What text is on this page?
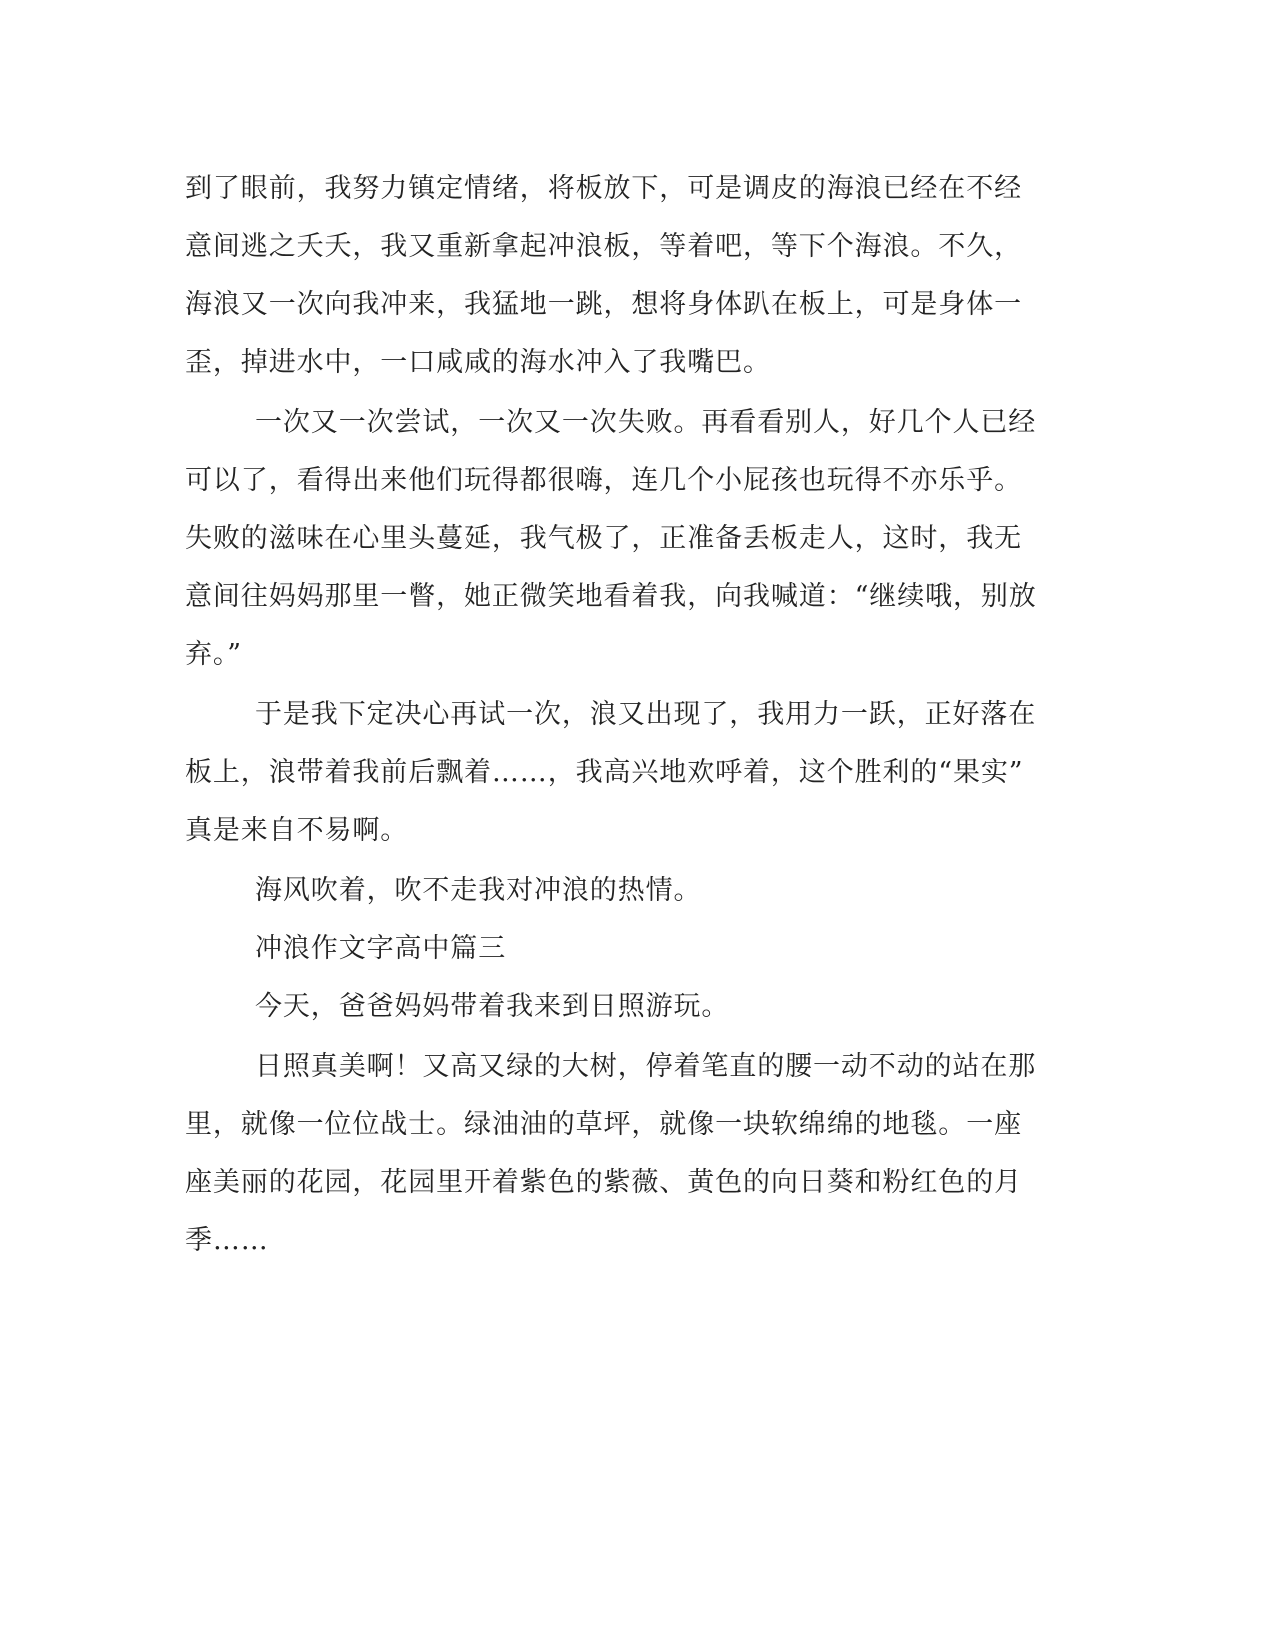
到了眼前，我努力镇定情绪，将板放下，可是调皮的海浪已经在不经
意间逃之夭夭，我又重新拿起冲浪板，等着吧，等下个海浪。不久，
海浪又一次向我冲来，我猛地一跳，想将身体趴在板上，可是身体一
歪，掉进水中，一口咸咸的海水冲入了我嘴巴。
一次又一次尝试，一次又一次失败。再看看别人，好几个人已经
可以了，看得出来他们玩得都很嗨，连几个小屁孩也玩得不亦乐乎。
失败的滋味在心里头蔓延，我气极了，正准备丢板走人，这时，我无
意间往妈妈那里一瞥，她正微笑地看着我，向我喊道：“继续哦，别放
弃。”
于是我下定决心再试一次，浪又出现了，我用力一跃，正好落在
板上，浪带着我前后飘着……，我高兴地欢呼着，这个胜利的“果实”
真是来自不易啊。
海风吹着，吹不走我对冲浪的热情。
冲浪作文字高中篇三
今天，爸爸妈妈带着我来到日照游玩。
日照真美啊！又高又绿的大树，停着笔直的腰一动不动的站在那
里，就像一位位战士。绿油油的草坪，就像一块软绵绵的地毯。一座
座美丽的花园，花园里开着紫色的紫薇、黄色的向日葵和粉红色的月
季……
